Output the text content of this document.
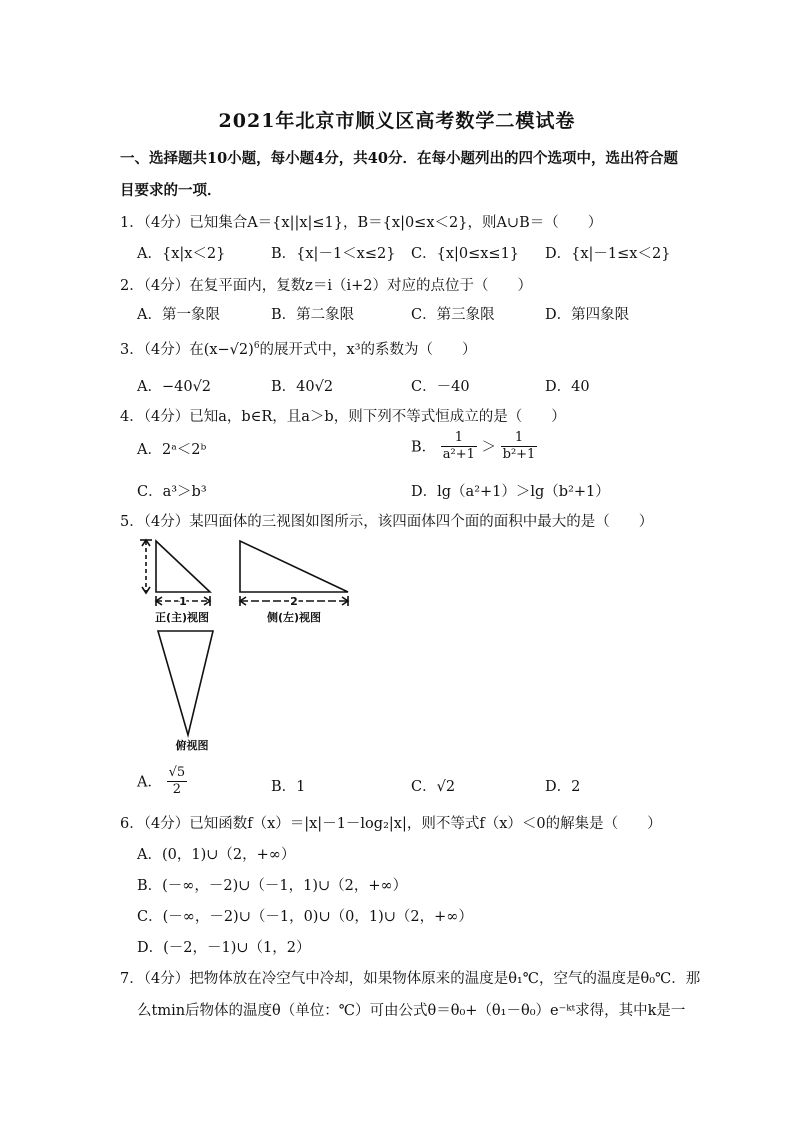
2021年北京市顺义区高考数学二模试卷
一、选择题共10小题，每小题4分，共40分．在每小题列出的四个选项中，选出符合题
目要求的一项．
1．（4分）已知集合A＝{x||x|≤1}，B＝{x|0≤x＜2}，则A∪B＝（　　）
A．{x|x＜2}	B．{x|－1＜x≤2} C．{x|0≤x≤1} D．{x|－1≤x＜2}
2．（4分）在复平面内，复数z＝i（i+2）对应的点位于（　　）
A．第一象限	B．第二象限	C．第三象限	D．第四象限
3．（4分）在$(x-√2)^6$的展开式中，x³的系数为（　　）
A．−40√2	B．40√2	C．－40	D．40
4．（4分）已知a，b∈R，且a＞b，则下列不等式恒成立的是（　　）
A．2ᵃ＜2ᵇ	B． $\frac{1}{\text{a²+1}} > \frac{1}{\text{b²+1}}$
C．a³＞b³	D．lg（a²+1）＞lg（b²+1）
5．（4分）某四面体的三视图如图所示，该四面体四个面的面积中最大的是（　　）
1
正(主)视图
2
侧(左)视图
俯视图
A． $\frac{√5}{2}$	B．1	C．√2	D．2
6．（4分）已知函数f（x）＝|x|－1－log₂|x|，则不等式f（x）＜0的解集是（　　）
A．(0，1)∪（2，+∞）
B．(－∞，－2)∪（－1，1)∪（2，+∞）
C．(－∞，－2)∪（－1，0)∪（0，1)∪（2，+∞）
D．(－2，－1)∪（1，2）
7．（4分）把物体放在冷空气中冷却，如果物体原来的温度是θ₁℃，空气的温度是θ₀℃．那
么tmin后物体的温度θ（单位：℃）可由公式θ＝θ₀+（θ₁－θ₀）e⁻ᵏᵗ求得，其中k是一
